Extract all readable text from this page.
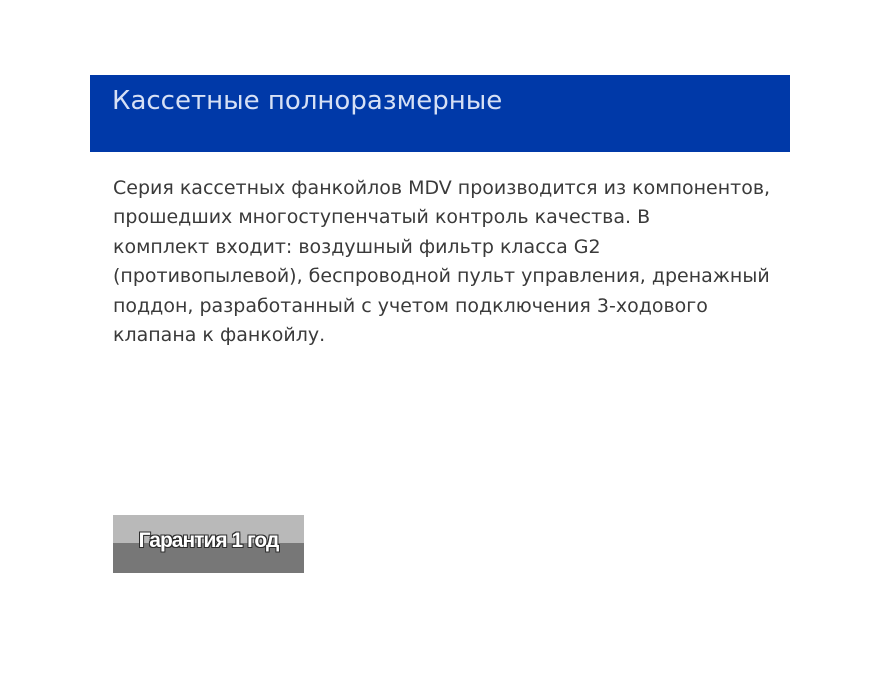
Кассетные полноразмерные

Серия кассетных фанкойлов MDV производится из компонентов,
прошедших многоступенчатый контроль качества. В
комплект входит: воздушный фильтр класса G2
(противопылевой), беспроводной пульт управления, дренажный
поддон, разработанный с учетом подключения 3-ходового
клапана к фанкойлу.

Гарантия 1 год
